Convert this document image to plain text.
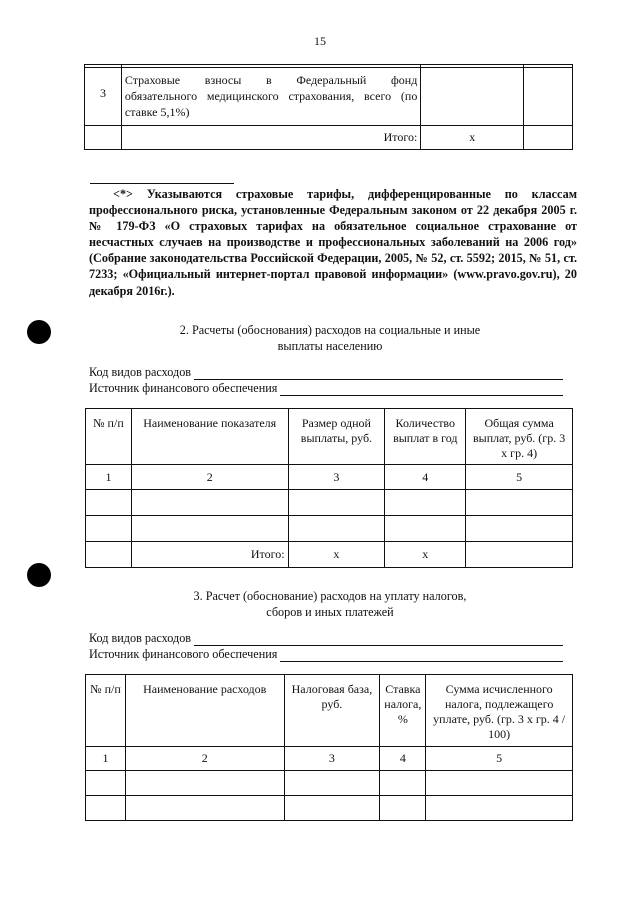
15

3	Страховые взносы в Федеральный фонд
обязательного медицинского страхования, всего (по
ставке 5,1%)		

	Итого:	x	

<*> Указываются страховые тарифы, дифференцированные по классам профессионального риска, установленные Федеральным законом от 22 декабря 2005 г. № 179-ФЗ «О страховых тарифах на обязательное социальное страхование от несчастных случаев на производстве и профессиональных заболеваний на 2006 год» (Собрание законодательства Российской Федерации, 2005, № 52, ст. 5592; 2015, № 51, ст. 7233; «Официальный интернет-портал правовой информации» (www.pravo.gov.ru), 20 декабря 2016г.).

2. Расчеты (обоснования) расходов на социальные и иные
выплаты населению
Код видов расходов
Источник финансового обеспечения
№ п/п	Наименование показателя	Размер одной выплаты, руб.	Количество выплат в год	Общая сумма выплат, руб. (гр. 3 x гр. 4)
1	2	3	4	5

	Итого:	x	x	
3. Расчет (обоснование) расходов на уплату налогов,
сборов и иных платежей
Код видов расходов
Источник финансового обеспечения
№ п/п	Наименование расходов	Налоговая база, руб.	Ставка налога, %	Сумма исчисленного налога, подлежащего уплате, руб. (гр. 3 x гр. 4 / 100)
1	2	3	4	5
